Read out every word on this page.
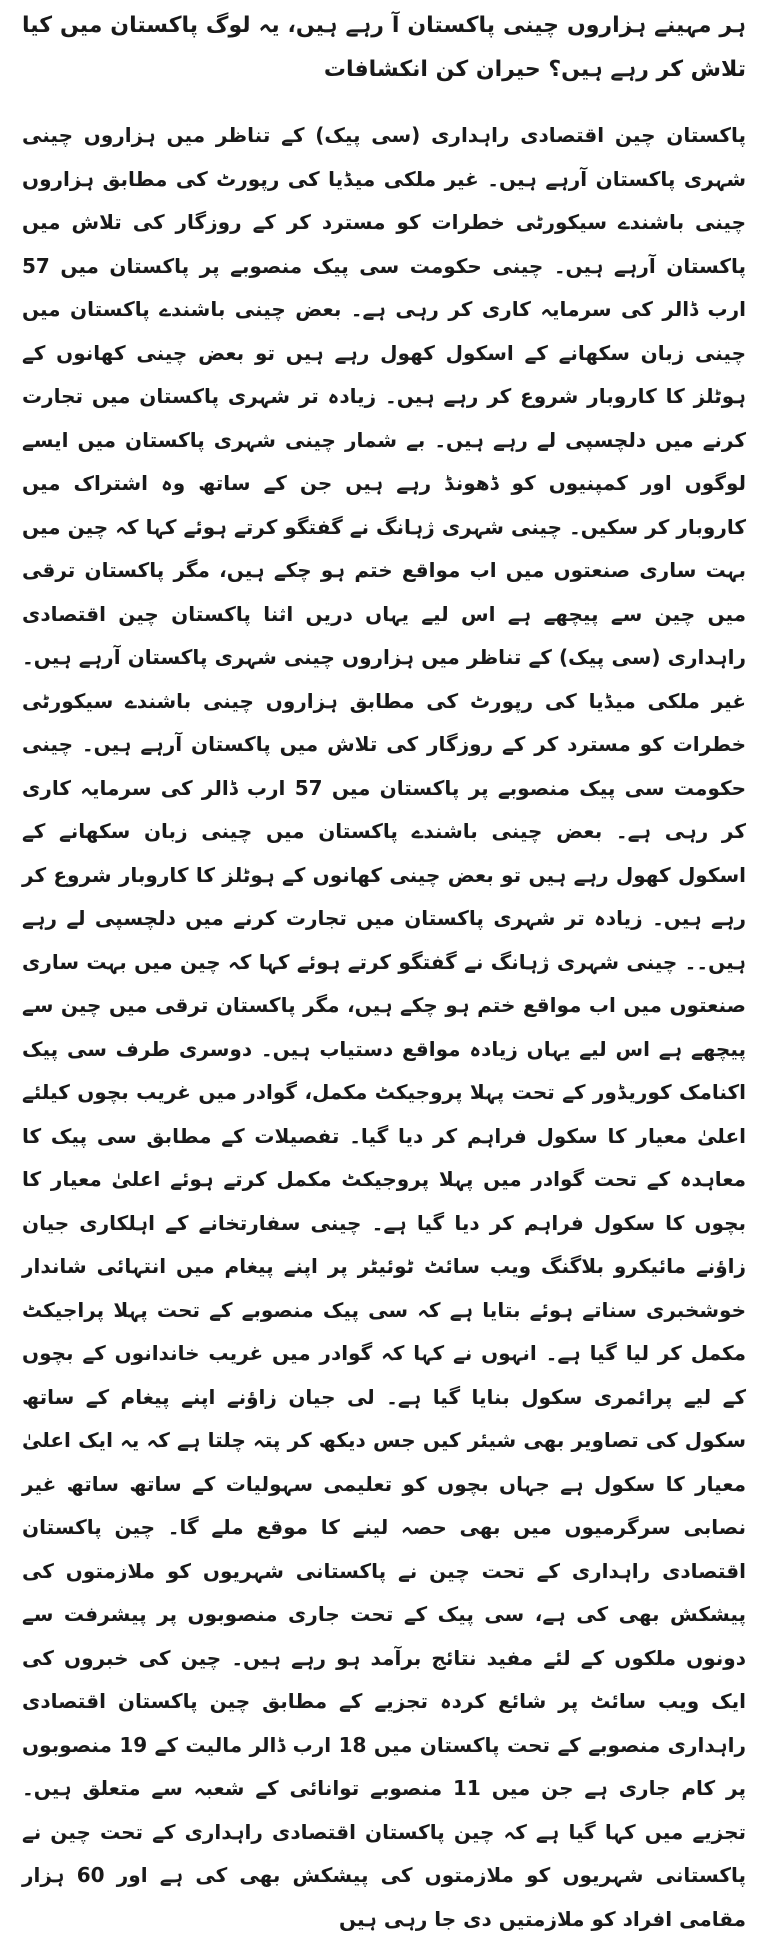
ہر مہینے ہزاروں چینی پاکستان آ رہے ہیں، یہ لوگ پاکستان میں کیا تلاش کر رہے ہیں؟ حیران کن انکشافات

پاکستان چین اقتصادی راہداری (سی پیک) کے تناظر میں ہزاروں چینی شہری پاکستان آرہے ہیں۔ غیر ملکی میڈیا کی رپورٹ کی مطابق ہزاروں چینی باشندے سیکورٹی خطرات کو مسترد کر کے روزگار کی تلاش میں پاکستان آرہے ہیں۔ چینی حکومت سی پیک منصوبے پر پاکستان میں 57 ارب ڈالر کی سرمایہ کاری کر رہی ہے۔ بعض چینی باشندے پاکستان میں چینی زبان سکھانے کے اسکول کھول رہے ہیں تو بعض چینی کھانوں کے ہوٹلز کا کاروبار شروع کر رہے ہیں۔ زیادہ تر شہری پاکستان میں تجارت کرنے میں دلچسپی لے رہے ہیں۔ بے شمار چینی شہری پاکستان میں ایسے لوگوں اور کمپنیوں کو ڈھونڈ رہے ہیں جن کے ساتھ وہ اشتراک میں کاروبار کر سکیں۔ چینی شہری ژہانگ نے گفتگو کرتے ہوئے کہا کہ چین میں بہت ساری صنعتوں میں اب مواقع ختم ہو چکے ہیں، مگر پاکستان ترقی میں چین سے پیچھے ہے اس لیے یہاں دریں اثنا پاکستان چین اقتصادی راہداری (سی پیک) کے تناظر میں ہزاروں چینی شہری پاکستان آرہے ہیں۔ غیر ملکی میڈیا کی رپورٹ کی مطابق ہزاروں چینی باشندے سیکورٹی خطرات کو مسترد کر کے روزگار کی تلاش میں پاکستان آرہے ہیں۔ چینی حکومت سی پیک منصوبے پر پاکستان میں 57 ارب ڈالر کی سرمایہ کاری کر رہی ہے۔ بعض چینی باشندے پاکستان میں چینی زبان سکھانے کے اسکول کھول رہے ہیں تو بعض چینی کھانوں کے ہوٹلز کا کاروبار شروع کر رہے ہیں۔ زیادہ تر شہری پاکستان میں تجارت کرنے میں دلچسپی لے رہے ہیں۔۔ چینی شہری ژہانگ نے گفتگو کرتے ہوئے کہا کہ چین میں بہت ساری صنعتوں میں اب مواقع ختم ہو چکے ہیں، مگر پاکستان ترقی میں چین سے پیچھے ہے اس لیے یہاں زیادہ مواقع دستیاب ہیں۔ دوسری طرف سی پیک اکنامک کوریڈور کے تحت پہلا پروجیکٹ مکمل، گوادر میں غریب بچوں کیلئے اعلیٰ معیار کا سکول فراہم کر دیا گیا۔ تفصیلات کے مطابق سی پیک کا معاہدہ کے تحت گوادر میں پہلا پروجیکٹ مکمل کرتے ہوئے اعلیٰ معیار کا بچوں کا سکول فراہم کر دیا گیا ہے۔ چینی سفارتخانے کے اہلکاری جیان زاؤنے مائیکرو بلاگنگ ویب سائٹ ٹوئیٹر پر اپنے پیغام میں انتہائی شاندار خوشخبری سناتے ہوئے بتایا ہے کہ سی پیک منصوبے کے تحت پہلا پراجیکٹ مکمل کر لیا گیا ہے۔ انہوں نے کہا کہ گوادر میں غریب خاندانوں کے بچوں کے لیے پرائمری سکول بنایا گیا ہے۔ لی جیان زاؤنے اپنے پیغام کے ساتھ سکول کی تصاویر بھی شیئر کیں جس دیکھ کر پتہ چلتا ہے کہ یہ ایک اعلیٰ معیار کا سکول ہے جہاں بچوں کو تعلیمی سہولیات کے ساتھ ساتھ غیر نصابی سرگرمیوں میں بھی حصہ لینے کا موقع ملے گا۔ چین پاکستان اقتصادی راہداری کے تحت چین نے پاکستانی شہریوں کو ملازمتوں کی پیشکش بھی کی ہے، سی پیک کے تحت جاری منصوبوں پر پیشرفت سے دونوں ملکوں کے لئے مفید نتائج برآمد ہو رہے ہیں۔ چین کی خبروں کی ایک ویب سائٹ پر شائع کردہ تجزیے کے مطابق چین پاکستان اقتصادی راہداری منصوبے کے تحت پاکستان میں 18 ارب ڈالر مالیت کے 19 منصوبوں پر کام جاری ہے جن میں 11 منصوبے توانائی کے شعبہ سے متعلق ہیں۔ تجزیے میں کہا گیا ہے کہ چین پاکستان اقتصادی راہداری کے تحت چین نے پاکستانی شہریوں کو ملازمتوں کی پیشکش بھی کی ہے اور 60 ہزار مقامی افراد کو ملازمتیں دی جا رہی ہیں
